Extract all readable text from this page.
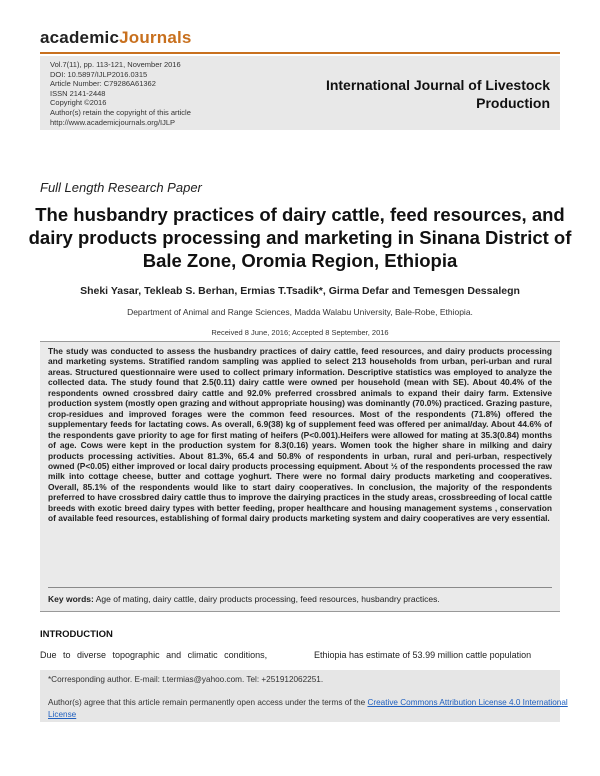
academicJournals
Vol.7(11), pp. 113-121, November 2016
DOI: 10.5897/IJLP2016.0315
Article Number: C79286A61362
ISSN 2141-2448
Copyright ©2016
Author(s) retain the copyright of this article
http://www.academicjournals.org/IJLP
International Journal of Livestock Production
Full Length Research Paper
The husbandry practices of dairy cattle, feed resources, and dairy products processing and marketing in Sinana District of Bale Zone, Oromia Region, Ethiopia
Sheki Yasar, Tekleab S. Berhan, Ermias T.Tsadik*, Girma Defar and Temesgen Dessalegn
Department of Animal and Range Sciences, Madda Walabu University, Bale-Robe, Ethiopia.
Received 8 June, 2016; Accepted 8 September, 2016
The study was conducted to assess the husbandry practices of dairy cattle, feed resources, and dairy products processing and marketing systems. Stratified random sampling was applied to select 213 households from urban, peri-urban and rural areas. Structured questionnaire were used to collect primary information. Descriptive statistics was employed to analyze the collected data. The study found that 2.5(0.11) dairy cattle were owned per household (mean with SE). About 40.4% of the respondents owned crossbred dairy cattle and 92.0% preferred crossbred animals to expand their dairy farm. Extensive production system (mostly open grazing and without appropriate housing) was dominantly (70.0%) practiced. Grazing pasture, crop-residues and improved forages were the common feed resources. Most of the respondents (71.8%) offered the supplementary feeds for lactating cows. As overall, 6.9(38) kg of supplement feed was offered per animal/day. About 44.6% of the respondents gave priority to age for first mating of heifers (P<0.001).Heifers were allowed for mating at 35.3(0.84) months of age. Cows were kept in the production system for 8.3(0.16) years. Women took the higher share in milking and dairy products processing activities. About 81.3%, 65.4 and 50.8% of respondents in urban, rural and peri-urban, respectively owned (P<0.05) either improved or local dairy products processing equipment. About ½ of the respondents processed the raw milk into cottage cheese, butter and cottage yoghurt. There were no formal dairy products marketing and cooperatives. Overall, 85.1% of the respondents would like to start dairy cooperatives. In conclusion, the majority of the respondents preferred to have crossbred dairy cattle thus to improve the dairying practices in the study areas, crossbreeding of local cattle breeds with exotic breed dairy types with better feeding, proper healthcare and housing management systems , conservation of available feed resources, establishing of formal dairy products marketing system and dairy cooperatives are very essential.
Key words: Age of mating, dairy cattle, dairy products processing, feed resources, husbandry practices.
INTRODUCTION
Due to diverse topographic and climatic conditions,	Ethiopia has estimate of 53.99 million cattle population
*Corresponding author. E-mail: t.termias@yahoo.com. Tel: +251912062251.
Author(s) agree that this article remain permanently open access under the terms of the Creative Commons Attribution License 4.0 International License
